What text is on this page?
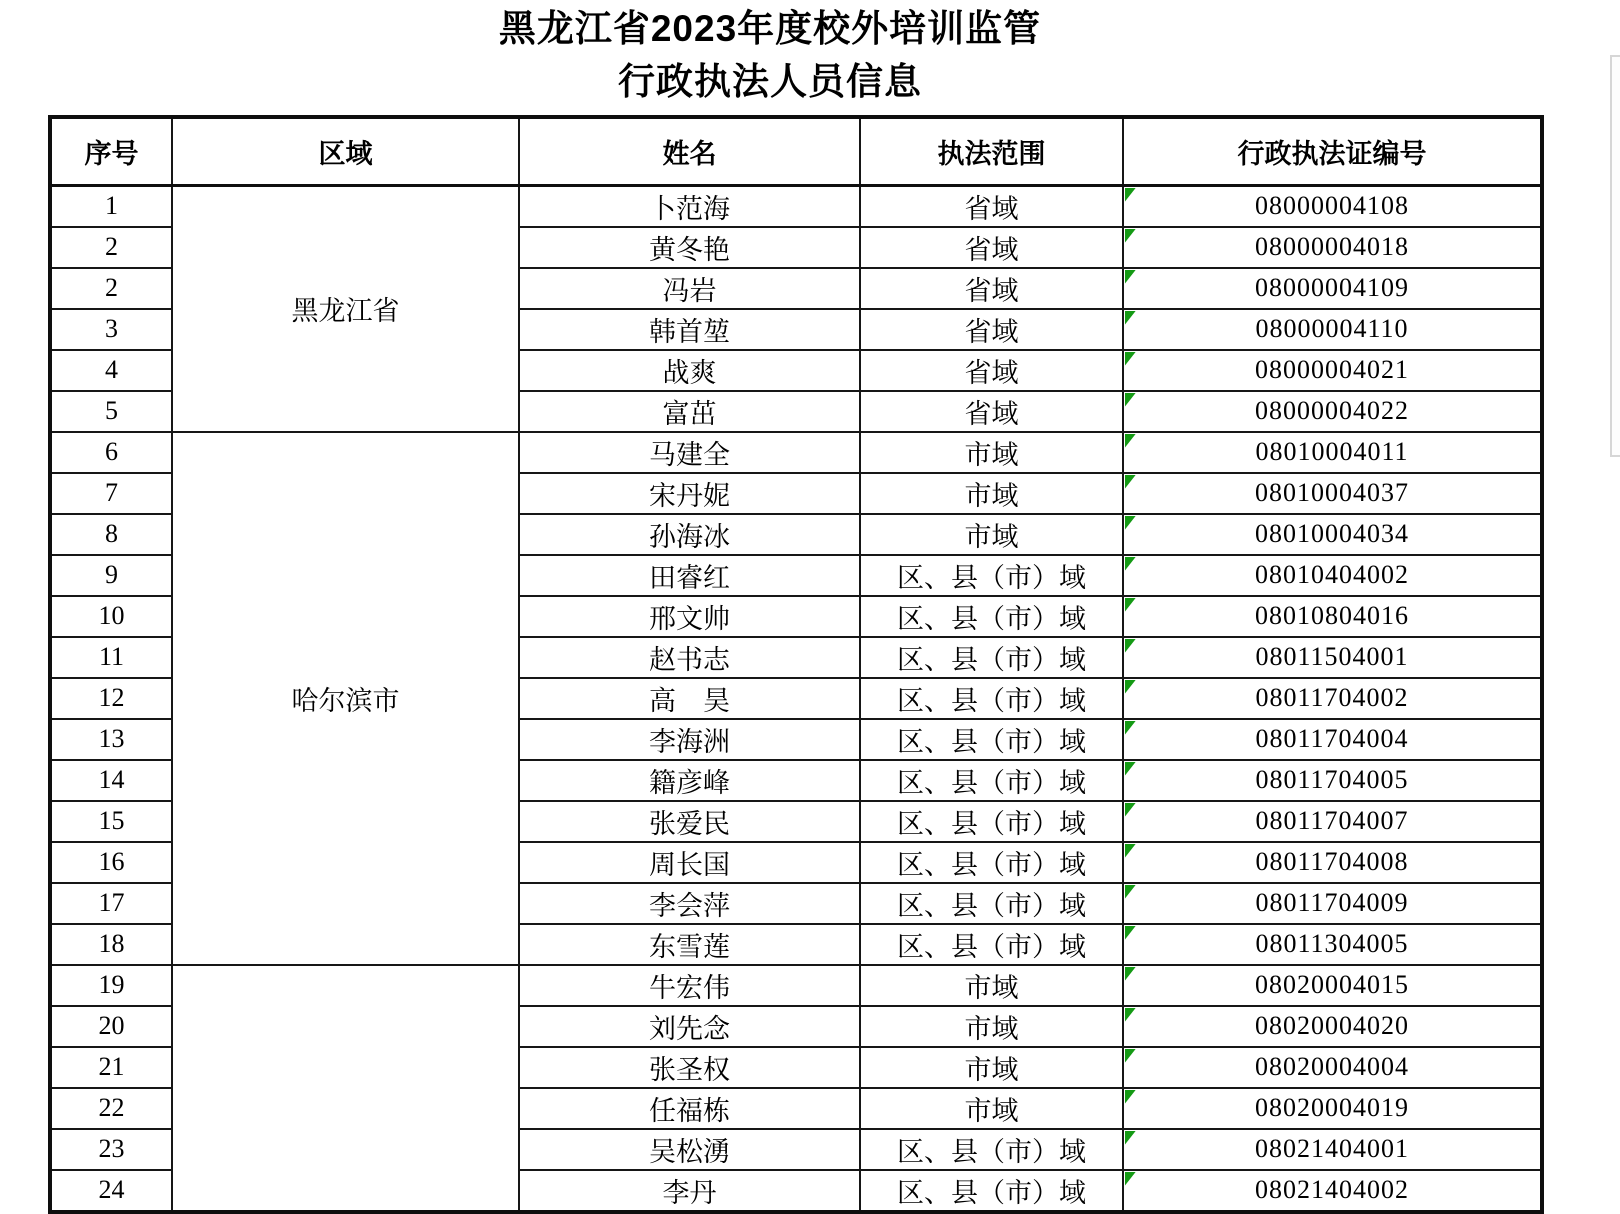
黑龙江省2023年度校外培训监管
行政执法人员信息
序号	区域	姓名	执法范围	行政执法证编号
1	黑龙江省	卜范海	省域	08000004108
2		黄冬艳	省域	08000004018
2		冯岩	省域	08000004109
3		韩首堃	省域	08000004110
4		战爽	省域	08000004021
5		富茁	省域	08000004022
6	哈尔滨市	马建全	市域	08010004011
7		宋丹妮	市域	08010004037
8		孙海冰	市域	08010004034
9		田睿红	区、县（市）域	08010404002
10		邢文帅	区、县（市）域	08010804016
11		赵书志	区、县（市）域	08011504001
12		高　昊	区、县（市）域	08011704002
13		李海洲	区、县（市）域	08011704004
14		籍彦峰	区、县（市）域	08011704005
15		张爱民	区、县（市）域	08011704007
16		周长国	区、县（市）域	08011704008
17		李会萍	区、县（市）域	08011704009
18		东雪莲	区、县（市）域	08011304005
19		牛宏伟	市域	08020004015
20		刘先念	市域	08020004020
21		张圣权	市域	08020004004
22		任福栋	市域	08020004019
23		吴松湧	区、县（市）域	08021404001
24		李丹	区、县（市）域	08021404002
